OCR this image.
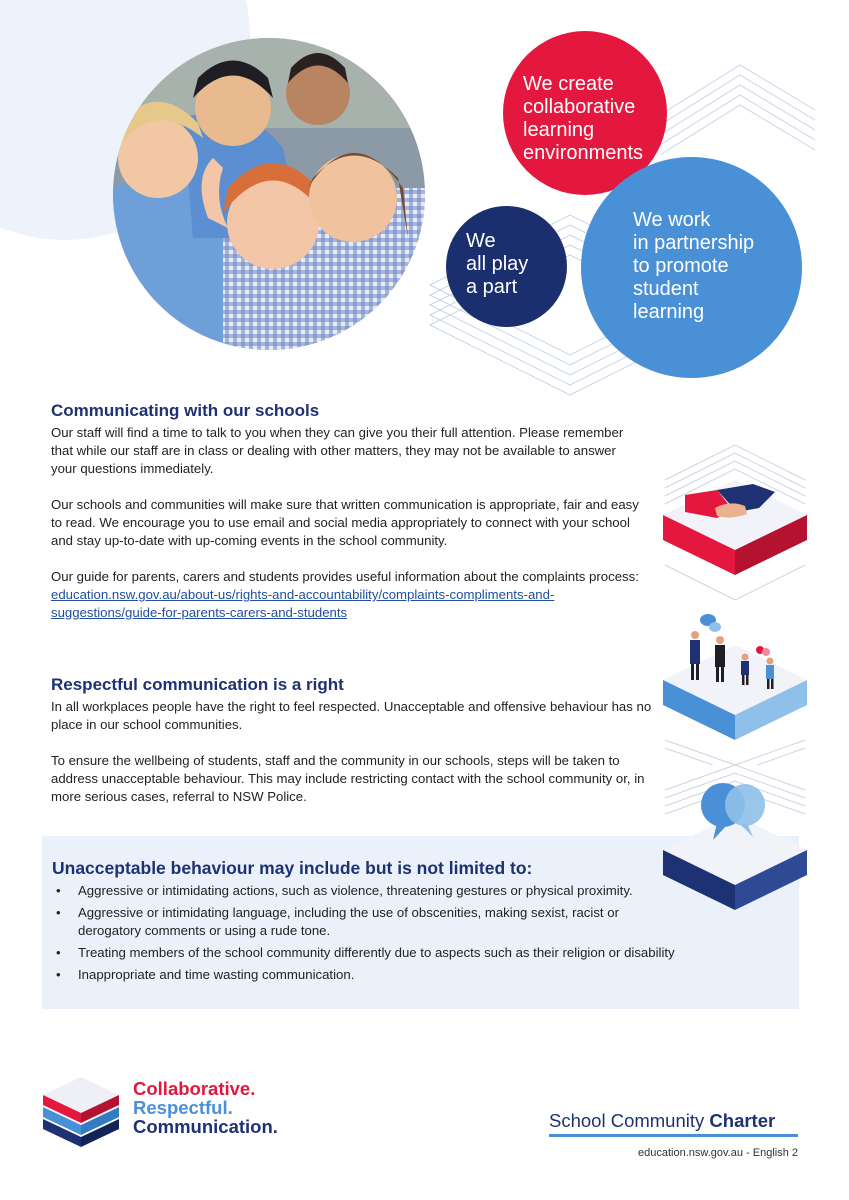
We create
collaborative
learning
environments
We work
in partnership
to promote
student
learning
We
all play
a part
Communicating with our schools

Our staff will find a time to talk to you when they can give you their full attention. Please remember that while our staff are in class or dealing with other matters, they may not be available to answer your questions immediately.

Our schools and communities will make sure that written communication is appropriate, fair and easy to read. We encourage you to use email and social media appropriately to connect with your school and stay up-to-date with up-coming events in the school community.

Our guide for parents, carers and students provides useful information about the complaints process: education.nsw.gov.au/about-us/rights-and-accountability/complaints-compliments-and-suggestions/guide-for-parents-carers-and-students

Respectful communication is a right

In all workplaces people have the right to feel respected. Unacceptable and offensive behaviour has no place in our school communities.

To ensure the wellbeing of students, staff and the community in our schools, steps will be taken to address unacceptable behaviour. This may include restricting contact with the school community or, in more serious cases, referral to NSW Police.

Unacceptable behaviour may include but is not limited to:
• Aggressive or intimidating actions, such as violence, threatening gestures or physical proximity.
• Aggressive or intimidating language, including the use of obscenities, making sexist, racist or derogatory comments or using a rude tone.
• Treating members of the school community differently due to aspects such as their religion or disability
• Inappropriate and time wasting communication.
Collaborative.
Respectful.
Communication.	School Community Charter
education.nsw.gov.au - English 2
